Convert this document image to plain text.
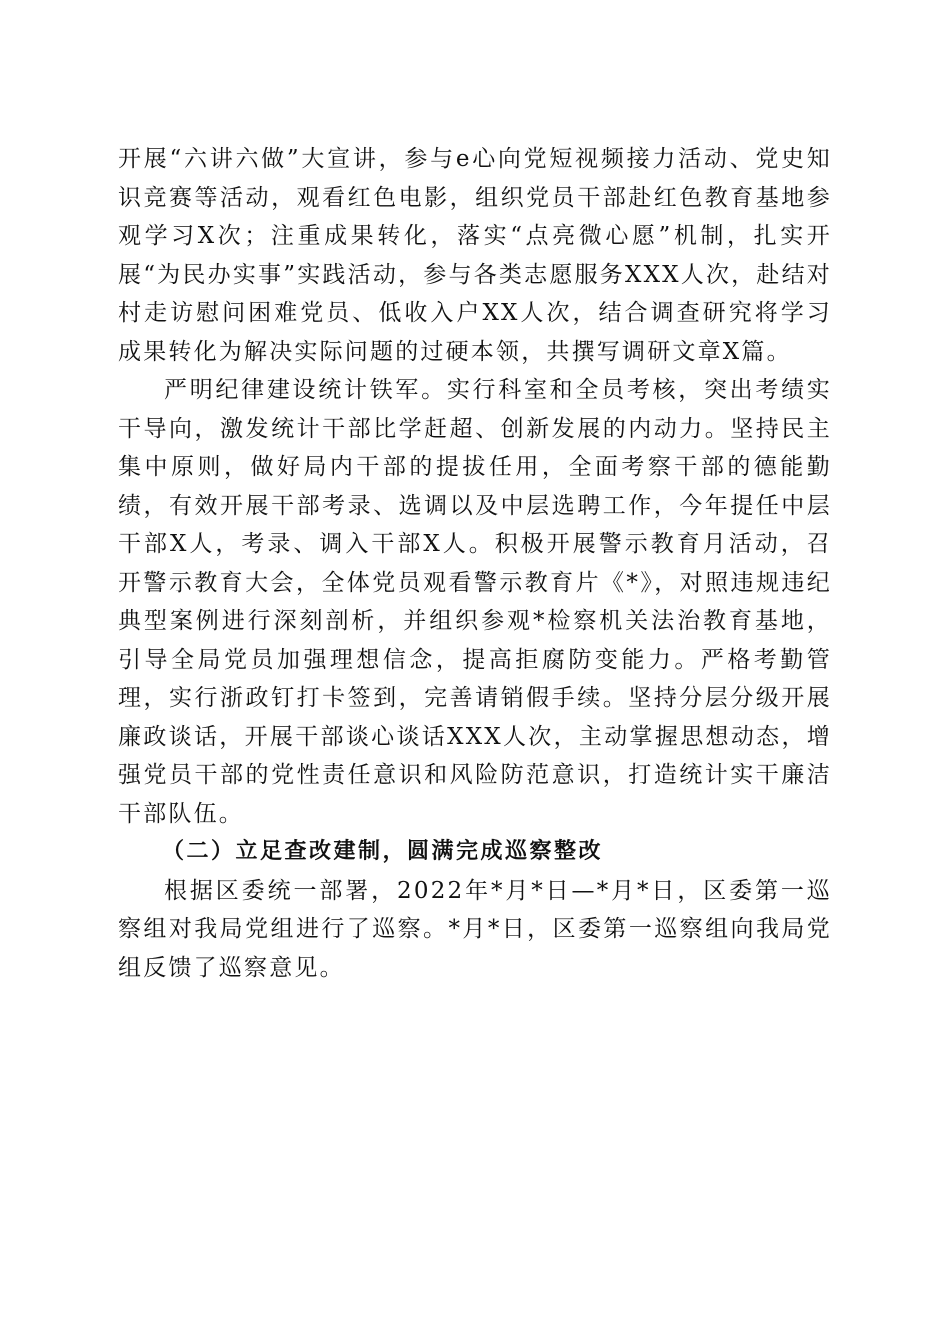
开展“六讲六做”大宣讲，参与e心向党短视频接力活动、党史知识竞赛等活动，观看红色电影，组织党员干部赴红色教育基地参观学习X次；注重成果转化，落实“点亮微心愿”机制，扎实开展“为民办实事”实践活动，参与各类志愿服务XXX人次，赴结对村走访慰问困难党员、低收入户XX人次，结合调查研究将学习成果转化为解决实际问题的过硬本领，共撰写调研文章X篇。

严明纪律建设统计铁军。实行科室和全员考核，突出考绩实干导向，激发统计干部比学赶超、创新发展的内动力。坚持民主集中原则，做好局内干部的提拔任用，全面考察干部的德能勤绩，有效开展干部考录、选调以及中层选聘工作，今年提任中层干部X人，考录、调入干部X人。积极开展警示教育月活动，召开警示教育大会，全体党员观看警示教育片《*》，对照违规违纪典型案例进行深刻剖析，并组织参观*检察机关法治教育基地，引导全局党员加强理想信念，提高拒腐防变能力。严格考勤管理，实行浙政钉打卡签到，完善请销假手续。坚持分层分级开展廉政谈话，开展干部谈心谈话XXX人次，主动掌握思想动态，增强党员干部的党性责任意识和风险防范意识，打造统计实干廉洁干部队伍。

（二）立足查改建制，圆满完成巡察整改

根据区委统一部署，2022年*月*日—*月*日，区委第一巡察组对我局党组进行了巡察。*月*日，区委第一巡察组向我局党组反馈了巡察意见。
